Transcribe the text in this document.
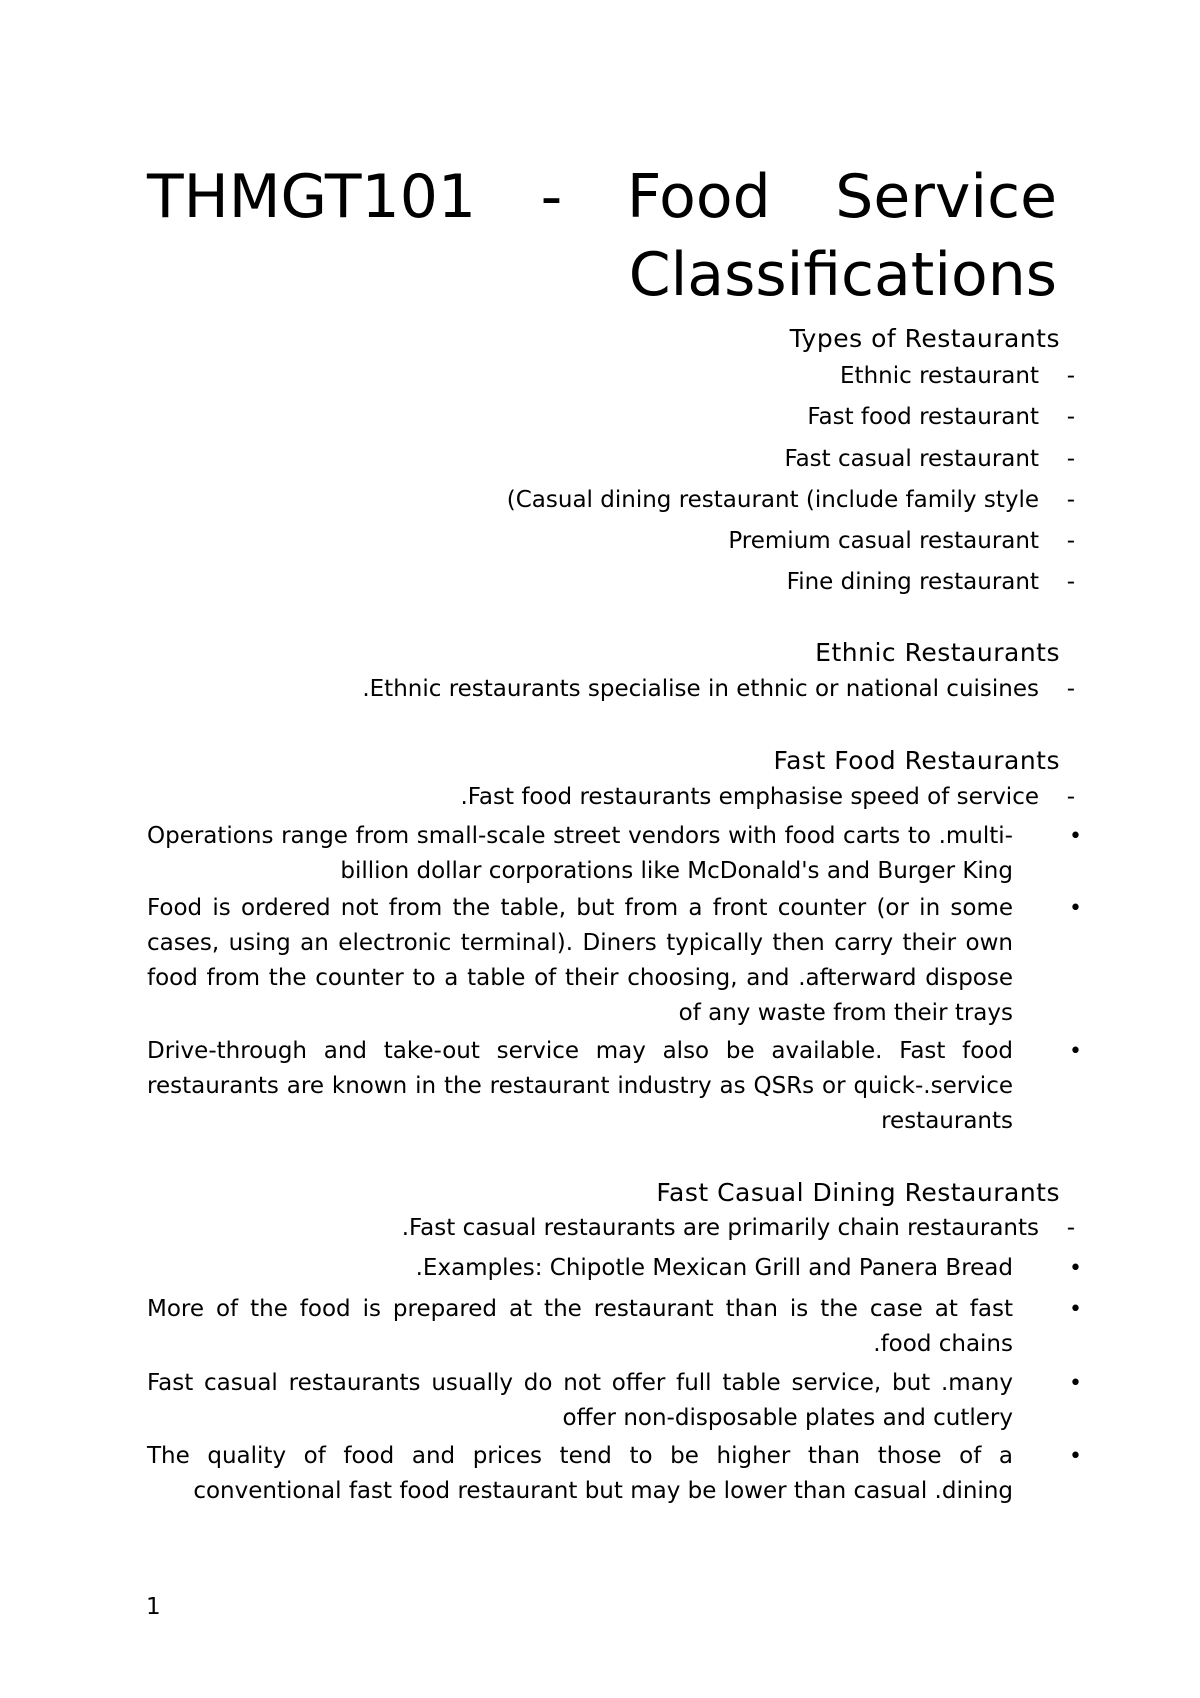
THMGT101 - Food Service
Classifications
Types of Restaurants
Ethnic restaurant	-
Fast food restaurant	-
Fast casual restaurant	-
(Casual dining restaurant (include family style	-
Premium casual restaurant	-
Fine dining restaurant	-
Ethnic Restaurants
.Ethnic restaurants specialise in ethnic or national cuisines	-
Fast Food Restaurants
.Fast food restaurants emphasise speed of service	-
Operations range from small-scale street vendors with food carts to .multi-billion dollar corporations like McDonald's and Burger King
•
Food is ordered not from the table, but from a front counter (or in some cases, using an electronic terminal). Diners typically then carry their own food from the counter to a table of their choosing, and .afterward dispose of any waste from their trays
•
Drive-through and take-out service may also be available. Fast food restaurants are known in the restaurant industry as QSRs or quick-.service restaurants
•
Fast Casual Dining Restaurants
.Fast casual restaurants are primarily chain restaurants	-
.Examples: Chipotle Mexican Grill and Panera Bread	•
More of the food is prepared at the restaurant than is the case at fast .food chains
•
Fast casual restaurants usually do not offer full table service, but .many offer non-disposable plates and cutlery
•
The quality of food and prices tend to be higher than those of a conventional fast food restaurant but may be lower than casual .dining
•
1
